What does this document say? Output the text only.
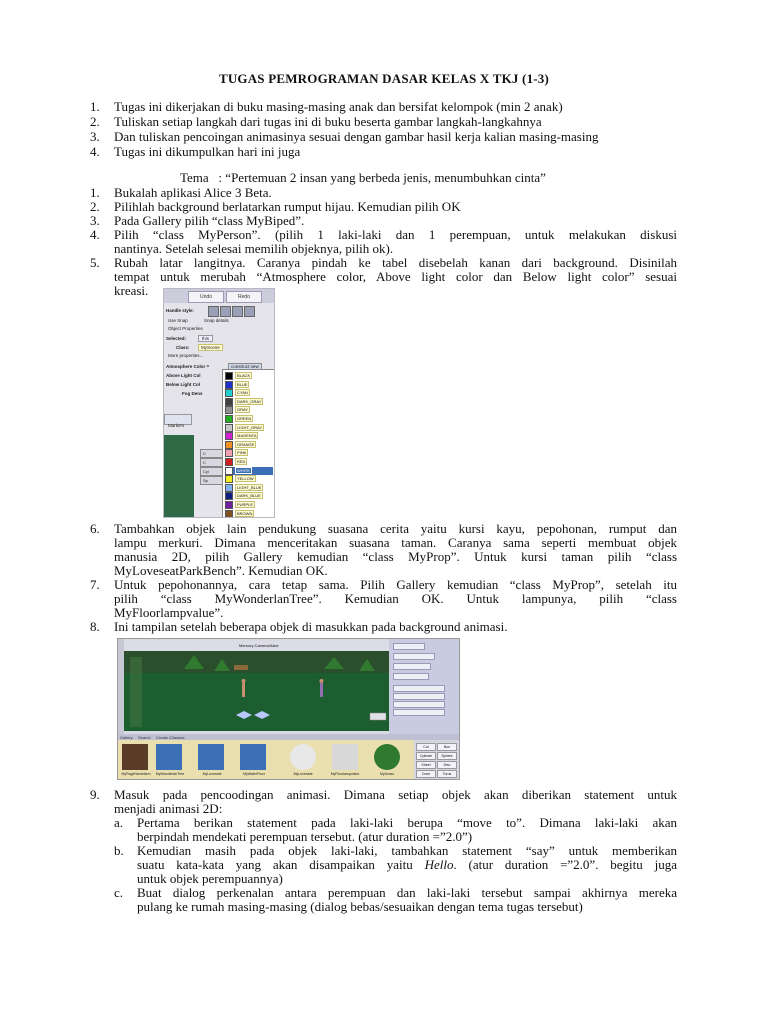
TUGAS PEMROGRAMAN DASAR KELAS X TKJ (1-3)
1. Tugas ini dikerjakan di buku masing-masing anak dan bersifat kelompok (min 2 anak)
2. Tuliskan setiap langkah dari tugas ini di buku beserta gambar langkah-langkahnya
3. Dan tuliskan pencoingan animasinya sesuai dengan gambar hasil kerja kalian masing-masing
4. Tugas ini dikumpulkan hari ini juga
Tema   : “Pertemuan 2 insan yang berbeda jenis, menumbuhkan cinta”
1. Bukalah aplikasi Alice 3 Beta.
2. Pilihlah background berlatarkan rumput hijau. Kemudian pilih OK
3. Pada Gallery pilih “class MyBiped”.
4. Pilih “class MyPerson”. (pilih 1 laki-laki dan 1 perempuan, untuk melakukan diskusi
nantinya. Setelah selesai memilih objeknya, pilih ok).
5. Rubah latar langitnya. Caranya pindah ke tabel disebelah kanan dari background. Disinilah
tempat untuk merubah “Atmosphere color, Above light color dan Below light color” sesuai
kreasi.	Undo	Redo
Handle style:
Use Snap	Snap details
Object Properties
Selected:	this
Class:	MyScene
More properties...
Atmosphere Color =	construct new
Above Light Col
Below Light Col
Fog Dens
Markers
C
C
Cyl
Sp
BLACK
BLUE
CYAN
DARK_GRAY
GRAY
GREEN
LIGHT_GRAY
MAGENTA
ORANGE
PINK
RED
WHITE
YELLOW
LIGHT_BLUE
DARK_BLUE
PURPLE
BROWN
6. Tambahkan objek lain pendukung suasana cerita yaitu kursi kayu, pepohonan, rumput dan
lampu merkuri. Dimana menceritakan suasana taman. Caranya sama seperti membuat objek
manusia 2D, pilih Gallery kemudian “class MyProp”. Untuk kursi taman pilih “class
MyLoveseatParkBench”. Kemudian OK.
7. Untuk pepohonannya, cara tetap sama. Pilih Gallery kemudian “class MyProp”, setelah itu
pilih   “class   MyWonderlanTree”.   Kemudian   OK.   Untuk   lampunya,   pilih   “class
MyFloorlampvalue”.
8. Ini tampilan setelah beberapa objek di masukkan pada background animasi.
Memory Camera/Alice
Gallery Search Create /Classes
MyPageNameItem	MyWonderlanTree	MyLoveseat	MyWaterFloor	MyLoveseat	MyFloorlampvalue	MyGrass
Cut	Box
Cylinder	Sphere
Sheet	Disc
Cone	Torus
9. Masuk pada pencoodingan animasi. Dimana setiap objek akan diberikan statement untuk
menjadi animasi 2D:
a. Pertama berikan statement pada laki-laki berupa “move to”. Dimana laki-laki akan
berpindah mendekati perempuan tersebut. (atur duration =”2.0”)
b. Kemudian masih pada objek laki-laki, tambahkan statement “say” untuk memberikan
suatu kata-kata yang akan disampaikan yaitu Hello. (atur duration =”2.0”. begitu juga
untuk objek perempuannya)
c. Buat dialog perkenalan antara perempuan dan laki-laki tersebut sampai akhirnya mereka
pulang ke rumah masing-masing (dialog bebas/sesuaikan dengan tema tugas tersebut)
